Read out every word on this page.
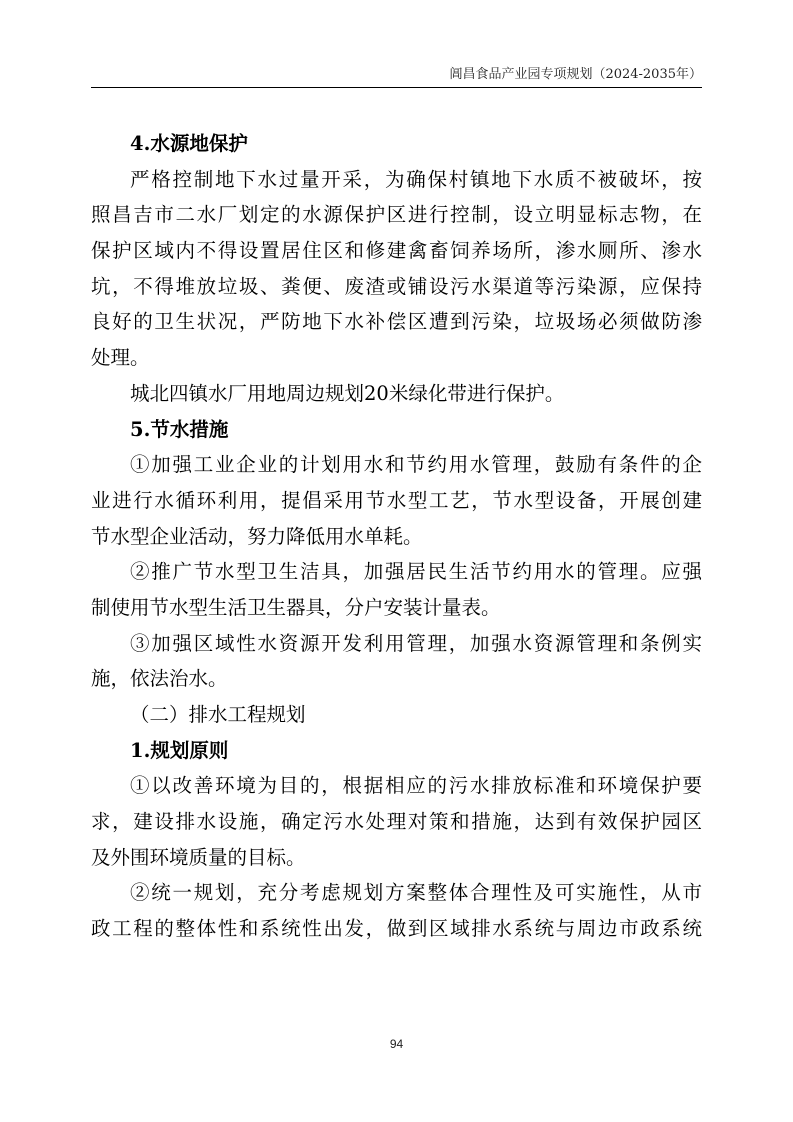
阊昌食品产业园专项规划（2024-2035年）
4.水源地保护
严格控制地下水过量开采，为确保村镇地下水质不被破坏，按
照昌吉市二水厂划定的水源保护区进行控制，设立明显标志物，在
保护区域内不得设置居住区和修建禽畜饲养场所，渗水厕所、渗水
坑，不得堆放垃圾、粪便、废渣或铺设污水渠道等污染源，应保持
良好的卫生状况，严防地下水补偿区遭到污染，垃圾场必须做防渗
处理。
城北四镇水厂用地周边规划20米绿化带进行保护。
5.节水措施
①加强工业企业的计划用水和节约用水管理，鼓励有条件的企
业进行水循环利用，提倡采用节水型工艺，节水型设备，开展创建
节水型企业活动，努力降低用水单耗。
②推广节水型卫生洁具，加强居民生活节约用水的管理。应强
制使用节水型生活卫生器具，分户安装计量表。
③加强区域性水资源开发利用管理，加强水资源管理和条例实
施，依法治水。
（二）排水工程规划
1.规划原则
①以改善环境为目的，根据相应的污水排放标准和环境保护要
求，建设排水设施，确定污水处理对策和措施，达到有效保护园区
及外围环境质量的目标。
②统一规划，充分考虑规划方案整体合理性及可实施性，从市
政工程的整体性和系统性出发，做到区域排水系统与周边市政系统
94
